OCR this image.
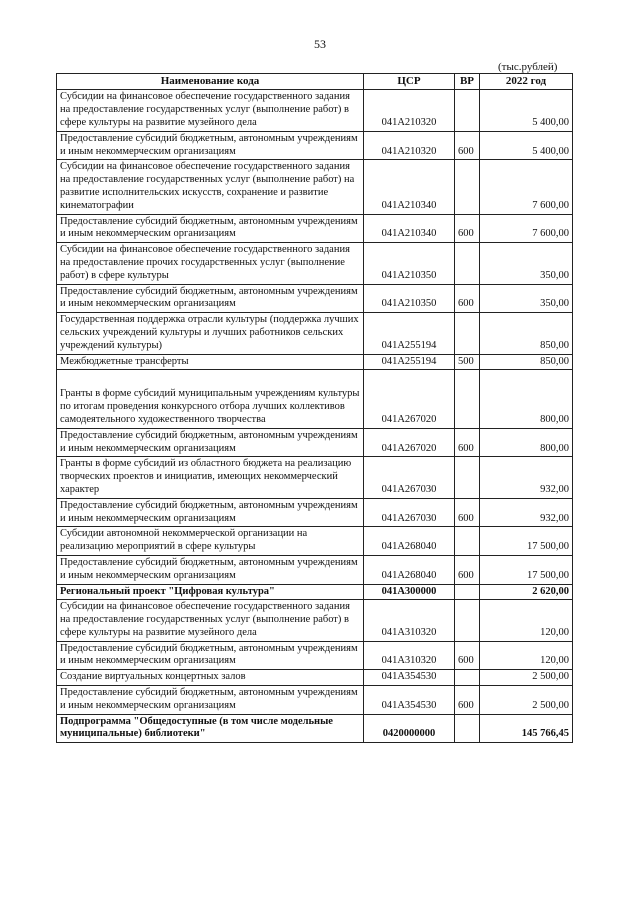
53
(тыс.рублей)
Наименование кода	ЦСР	ВР	2022 год
Субсидии на финансовое обеспечение государственного задания на предоставление государственных услуг (выполнение работ) в сфере культуры на развитие музейного дела	041А210320		5 400,00
Предоставление субсидий бюджетным, автономным учреждениям и иным некоммерческим организациям	041А210320	600	5 400,00
Субсидии на финансовое обеспечение государственного задания на предоставление государственных услуг (выполнение работ) на развитие исполнительских искусств, сохранение и развитие кинематографии	041А210340		7 600,00
Предоставление субсидий бюджетным, автономным учреждениям и иным некоммерческим организациям	041А210340	600	7 600,00
Субсидии на финансовое обеспечение государственного задания на предоставление прочих государственных услуг (выполнение работ) в сфере культуры	041А210350		350,00
Предоставление субсидий бюджетным, автономным учреждениям и иным некоммерческим организациям	041А210350	600	350,00
Государственная поддержка отрасли культуры (поддержка лучших сельских учреждений культуры и лучших работников сельских учреждений культуры)	041А255194		850,00
Межбюджетные трансферты	041А255194	500	850,00
Гранты в форме субсидий муниципальным учреждениям культуры по итогам проведения конкурсного отбора лучших коллективов самодеятельного художественного творчества	041А267020		800,00
Предоставление субсидий бюджетным, автономным учреждениям и иным некоммерческим организациям	041А267020	600	800,00
Гранты в форме субсидий из областного бюджета на реализацию творческих проектов и инициатив, имеющих некоммерческий характер	041А267030		932,00
Предоставление субсидий бюджетным, автономным учреждениям и иным некоммерческим организациям	041А267030	600	932,00
Субсидии автономной некоммерческой организации на реализацию мероприятий в сфере культуры	041А268040		17 500,00
Предоставление субсидий бюджетным, автономным учреждениям и иным некоммерческим организациям	041А268040	600	17 500,00
Региональный проект "Цифровая культура"	041А300000		2 620,00
Субсидии на финансовое обеспечение государственного задания на предоставление государственных услуг (выполнение работ) в сфере культуры на развитие музейного дела	041А310320		120,00
Предоставление субсидий бюджетным, автономным учреждениям и иным некоммерческим организациям	041А310320	600	120,00
Создание виртуальных концертных залов	041А354530		2 500,00
Предоставление субсидий бюджетным, автономным учреждениям и иным некоммерческим организациям	041А354530	600	2 500,00
Подпрограмма "Общедоступные (в том числе модельные муниципальные) библиотеки"	0420000000		145 766,45
